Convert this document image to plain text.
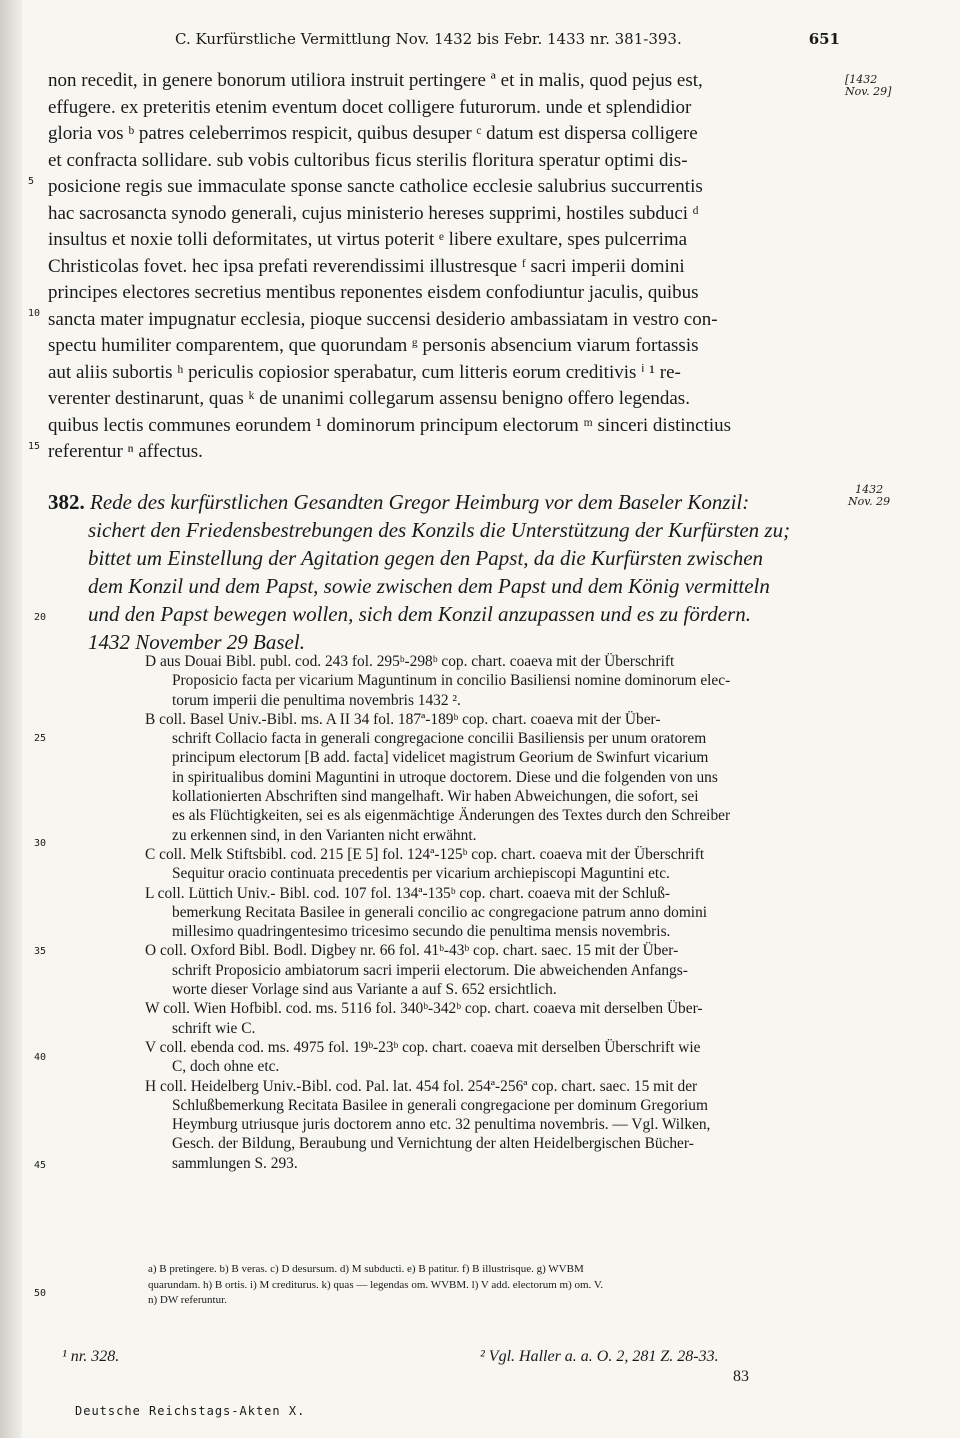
C. Kurfürstliche Vermittlung Nov. 1432 bis Febr. 1433 nr. 381-393.	651
non recedit, in genere bonorum utiliora instruit pertingere ª et in malis, quod pejus est,
effugere. ex preteritis etenim eventum docet colligere futurorum. unde et splendidior
gloria vos ᵇ patres celeberrimos respicit, quibus desuper ᶜ datum est dispersa colligere
et confracta sollidare. sub vobis cultoribus ficus sterilis floritura speratur optimi dis-
posicione regis sue immaculate sponse sancte catholice ecclesie salubrius succurrentis
hac sacrosancta synodo generali, cujus ministerio hereses supprimi, hostiles subduci ᵈ
insultus et noxie tolli deformitates, ut virtus poterit ᵉ libere exultare, spes pulcerrima
Christicolas fovet. hec ipsa prefati reverendissimi illustresque ᶠ sacri imperii domini
principes electores secretius mentibus reponentes eisdem confodiuntur jaculis, quibus
sancta mater impugnatur ecclesia, pioque succensi desiderio ambassiatam in vestro con-
spectu humiliter comparentem, que quorundam ᵍ personis absencium viarum fortassis
aut aliis subortis ʰ periculis copiosior sperabatur, cum litteris eorum creditivis ⁱ ¹ re-
verenter destinarunt, quas ᵏ de unanimi collegarum assensu benigno offero legendas.
quibus lectis communes eorundem ¹ dominorum principum electorum ᵐ sinceri distinctius
referentur ⁿ affectus.
5
10
15
[1432
Nov. 29]
382. Rede des kurfürstlichen Gesandten Gregor Heimburg vor dem Baseler Konzil:
sichert den Friedensbestrebungen des Konzils die Unterstützung der Kurfürsten zu;
bittet um Einstellung der Agitation gegen den Papst, da die Kurfürsten zwischen
dem Konzil und dem Papst, sowie zwischen dem Papst und dem König vermitteln
und den Papst bewegen wollen, sich dem Konzil anzupassen und es zu fördern.
1432 November 29 Basel.
1432
Nov. 29
20
25
30
35
40
45
50
D aus Douai Bibl. publ. cod. 243 fol. 295ᵇ-298ᵇ cop. chart. coaeva mit der Überschrift
Proposicio facta per vicarium Maguntinum in concilio Basiliensi nomine dominorum elec-
torum imperii die penultima novembris 1432 ².
B coll. Basel Univ.-Bibl. ms. A II 34 fol. 187ª-189ᵇ cop. chart. coaeva mit der Über-
schrift Collacio facta in generali congregacione concilii Basiliensis per unum oratorem
principum electorum [B add. facta] videlicet magistrum Georium de Swinfurt vicarium
in spiritualibus domini Maguntini in utroque doctorem. Diese und die folgenden von uns
kollationierten Abschriften sind mangelhaft. Wir haben Abweichungen, die sofort, sei
es als Flüchtigkeiten, sei es als eigenmächtige Änderungen des Textes durch den Schreiber
zu erkennen sind, in den Varianten nicht erwähnt.
C coll. Melk Stiftsbibl. cod. 215 [E 5] fol. 124ª-125ᵇ cop. chart. coaeva mit der Überschrift
Sequitur oracio continuata precedentis per vicarium archiepiscopi Maguntini etc.
L coll. Lüttich Univ.- Bibl. cod. 107 fol. 134ª-135ᵇ cop. chart. coaeva mit der Schluß-
bemerkung Recitata Basilee in generali concilio ac congregacione patrum anno domini
millesimo quadringentesimo tricesimo secundo die penultima mensis novembris.
O coll. Oxford Bibl. Bodl. Digbey nr. 66 fol. 41ᵇ-43ᵇ cop. chart. saec. 15 mit der Über-
schrift Proposicio ambiatorum sacri imperii electorum. Die abweichenden Anfangs-
worte dieser Vorlage sind aus Variante a auf S. 652 ersichtlich.
W coll. Wien Hofbibl. cod. ms. 5116 fol. 340ᵇ-342ᵇ cop. chart. coaeva mit derselben Über-
schrift wie C.
V coll. ebenda cod. ms. 4975 fol. 19ᵇ-23ᵇ cop. chart. coaeva mit derselben Überschrift wie
C, doch ohne etc.
H coll. Heidelberg Univ.-Bibl. cod. Pal. lat. 454 fol. 254ª-256ª cop. chart. saec. 15 mit der
Schlußbemerkung Recitata Basilee in generali congregacione per dominum Gregorium
Heymburg utriusque juris doctorem anno etc. 32 penultima novembris. — Vgl. Wilken,
Gesch. der Bildung, Beraubung und Vernichtung der alten Heidelbergischen Bücher-
sammlungen S. 293.
a) B pretingere. b) B veras. c) D desursum. d) M subducti. e) B patitur. f) B illustrisque. g) WVBM
quarundam. h) B ortis. i) M crediturus. k) quas — legendas om. WVBM. l) V add. electorum m) om. V.
n) DW referuntur.
¹ nr. 328.	² Vgl. Haller a. a. O. 2, 281 Z. 28-33.
83
Deutsche Reichstags-Akten X.
